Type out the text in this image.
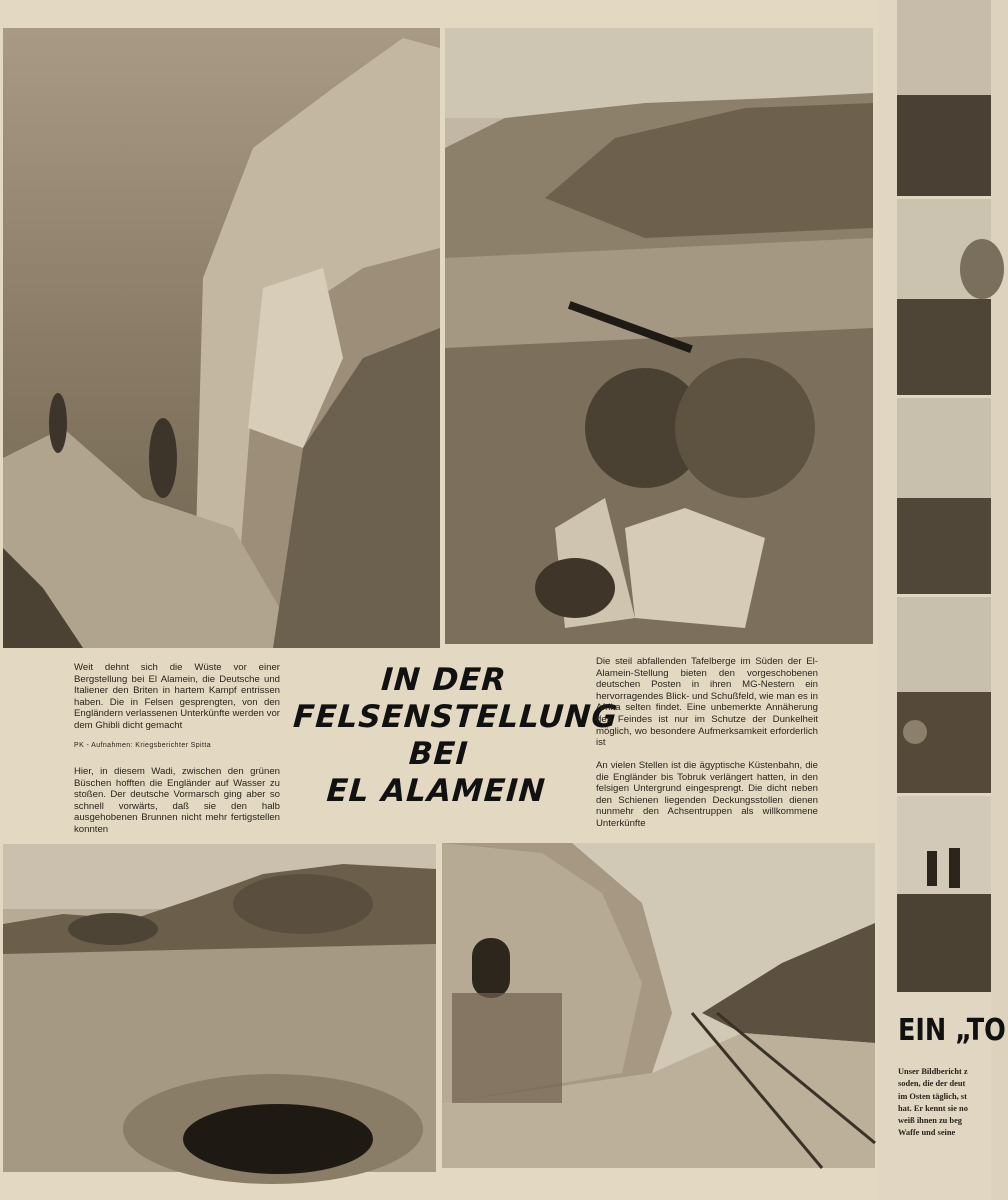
Weit dehnt sich die Wüste vor einer Bergstellung bei El Alamein, die Deutsche und Italiener den Briten in hartem Kampf entrissen haben. Die in Felsen gesprengten, von den Engländern verlassenen Unterkünfte werden vor dem Ghibli dicht gemacht
PK - Aufnahmen: Kriegsberichter Spitta
Hier, in diesem Wadi, zwischen den grünen Büschen hofften die Engländer auf Wasser zu stoßen. Der deutsche Vormarsch ging aber so schnell vorwärts, daß sie den halb ausgehobenen Brunnen nicht mehr fertigstellen konnten
IN DER
FELSENSTELLUNG
BEI
EL ALAMEIN
Die steil abfallenden Tafelberge im Süden der El-Alamein-Stellung bieten den vorgeschobenen deutschen Posten in ihren MG-Nestern ein hervorragendes Blick- und Schußfeld, wie man es in Afrika selten findet. Eine unbemerkte Annäherung des Feindes ist nur im Schutze der Dunkelheit möglich, wo besondere Aufmerksamkeit erforderlich ist
An vielen Stellen ist die ägyptische Küstenbahn, die die Engländer bis Tobruk verlängert hatten, in den felsigen Untergrund eingesprengt. Die dicht neben den Schienen liegenden Deckungsstollen dienen nunmehr den Achsentruppen als willkommene Unterkünfte
EIN „TO
Unser Bildbericht z
soden, die der deut
im Osten täglich, st
hat. Er kennt sie no
weiß ihnen zu beg
Waffe und seine
